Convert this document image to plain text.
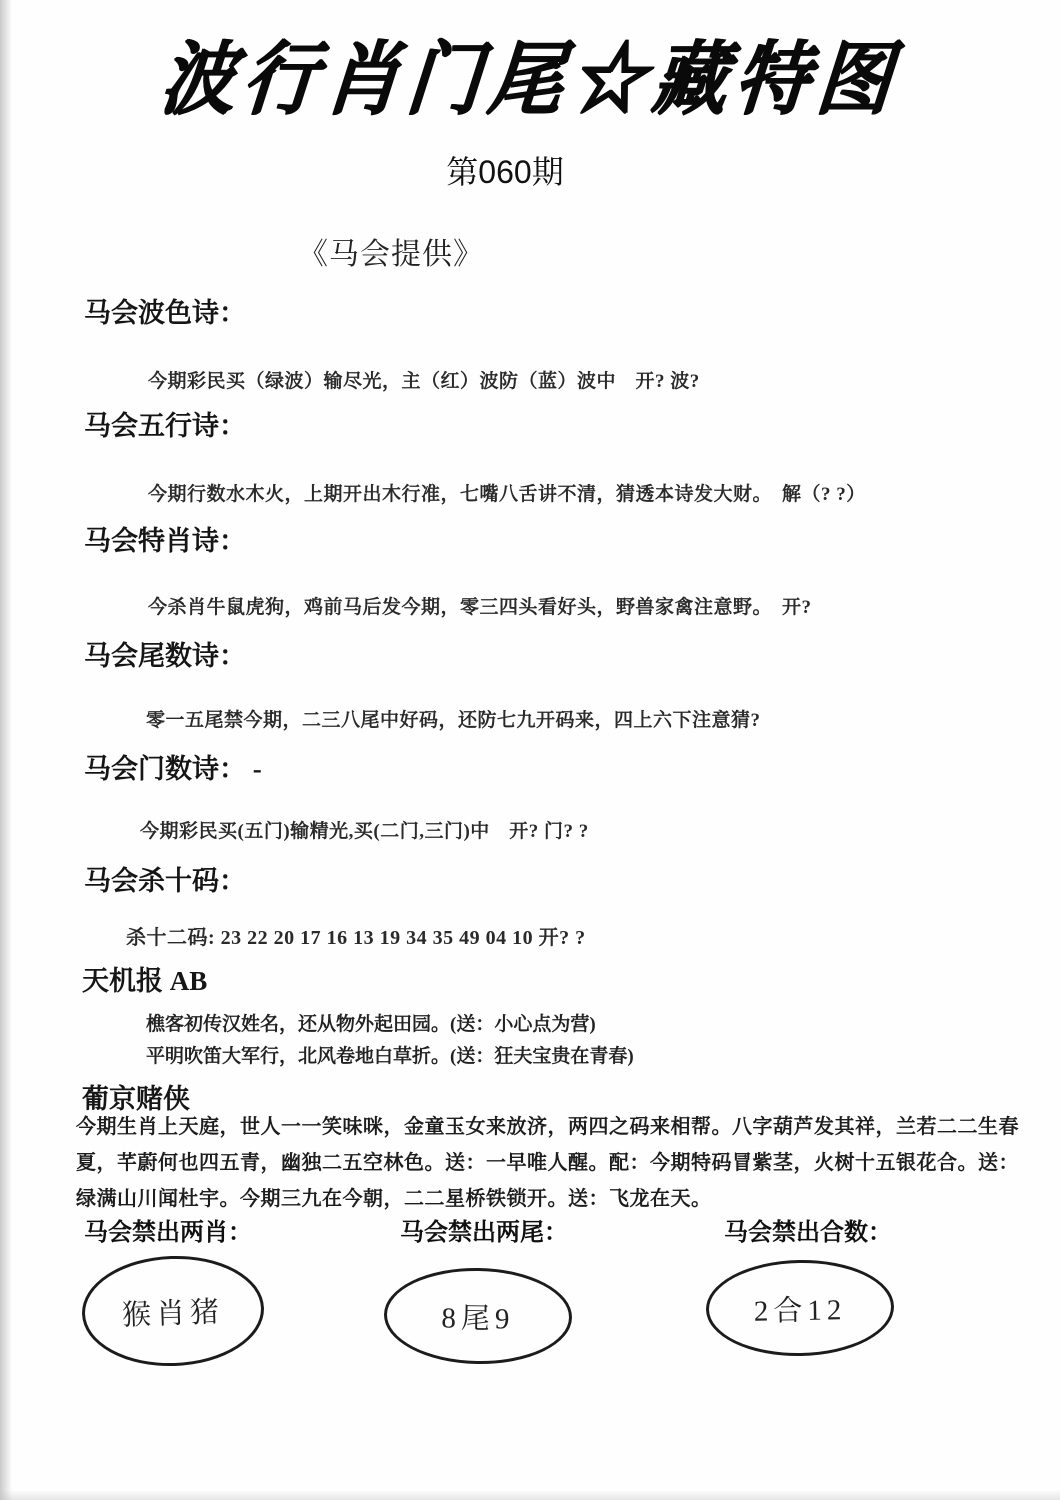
波行肖门尾☆藏特图
第060期
《马会提供》
马会波色诗：
今期彩民买（绿波）输尽光，主（红）波防（蓝）波中　开? 波?
马会五行诗：
今期行数水木火，上期开出木行准，七嘴八舌讲不清，猜透本诗发大财。　解（? ?）
马会特肖诗：
今杀肖牛鼠虎狗，鸡前马后发今期，零三四头看好头，野兽家禽注意野。　开?
马会尾数诗：
零一五尾禁今期，二三八尾中好码，还防七九开码来，四上六下注意猜?
马会门数诗： -
今期彩民买(五门)输精光,买(二门,三门)中　开? 门? ?
马会杀十码：
杀十二码: 23 22 20 17 16 13 19 34 35 49 04 10 开? ?
天机报 AB
樵客初传汉姓名，还从物外起田园。(送：小心点为营)
平明吹笛大军行，北风卷地白草折。(送：狂夫宝贵在青春)
葡京赌侠
今期生肖上天庭，世人一一笑味咪，金童玉女来放济，两四之码来相帮。八字葫芦发其祥，兰若二二生春
夏，芊蔚何也四五青，幽独二五空林色。送：一早唯人醒。配：今期特码冒紫茎，火树十五银花合。送：
绿满山川闻杜宇。今期三九在今朝，二二星桥铁锁开。送：飞龙在天。
马会禁出两肖：	马会禁出两尾：	马会禁出合数：
猴肖猪	8尾9	2合12
